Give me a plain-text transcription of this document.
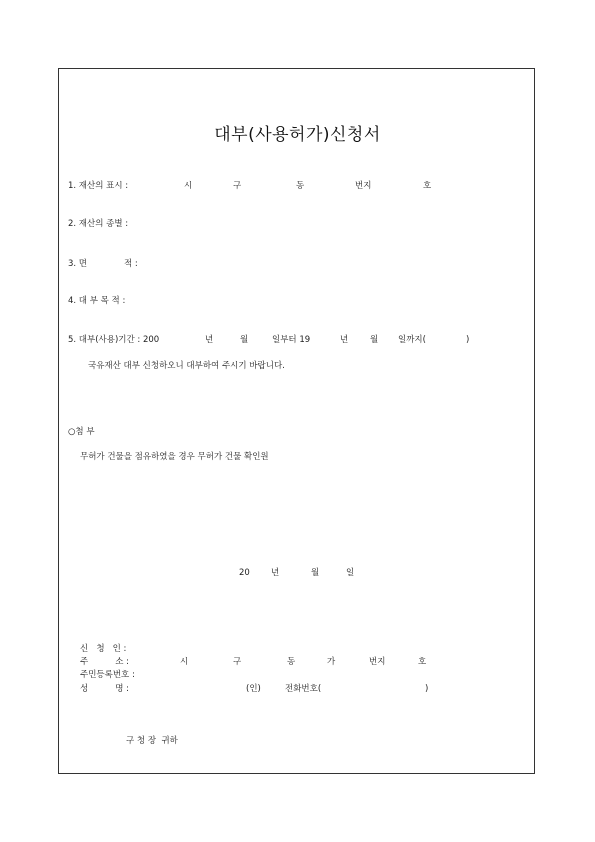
대부(사용허가)신청서
1. 재산의 표시 :	시	구	동	번지	호
2. 재산의 종별 :
3. 면	적 :
4. 대 부 목 적 :
5. 대부(사용)기간 : 200	년	월	일부터 19	년	월 일까지(	)
국유재산 대부 신청하오니 대부하여 주시기 바랍니다.
○첨 부
무허가 건물을 점유하였을 경우 무허가 건물 확인원
20 년	월	일
신   청   인 :
주          소 :	시	구	동	가	번지	호
주민등록번호 :
성          명 :	(인)	전화번호(	)
구 청 장  귀하
